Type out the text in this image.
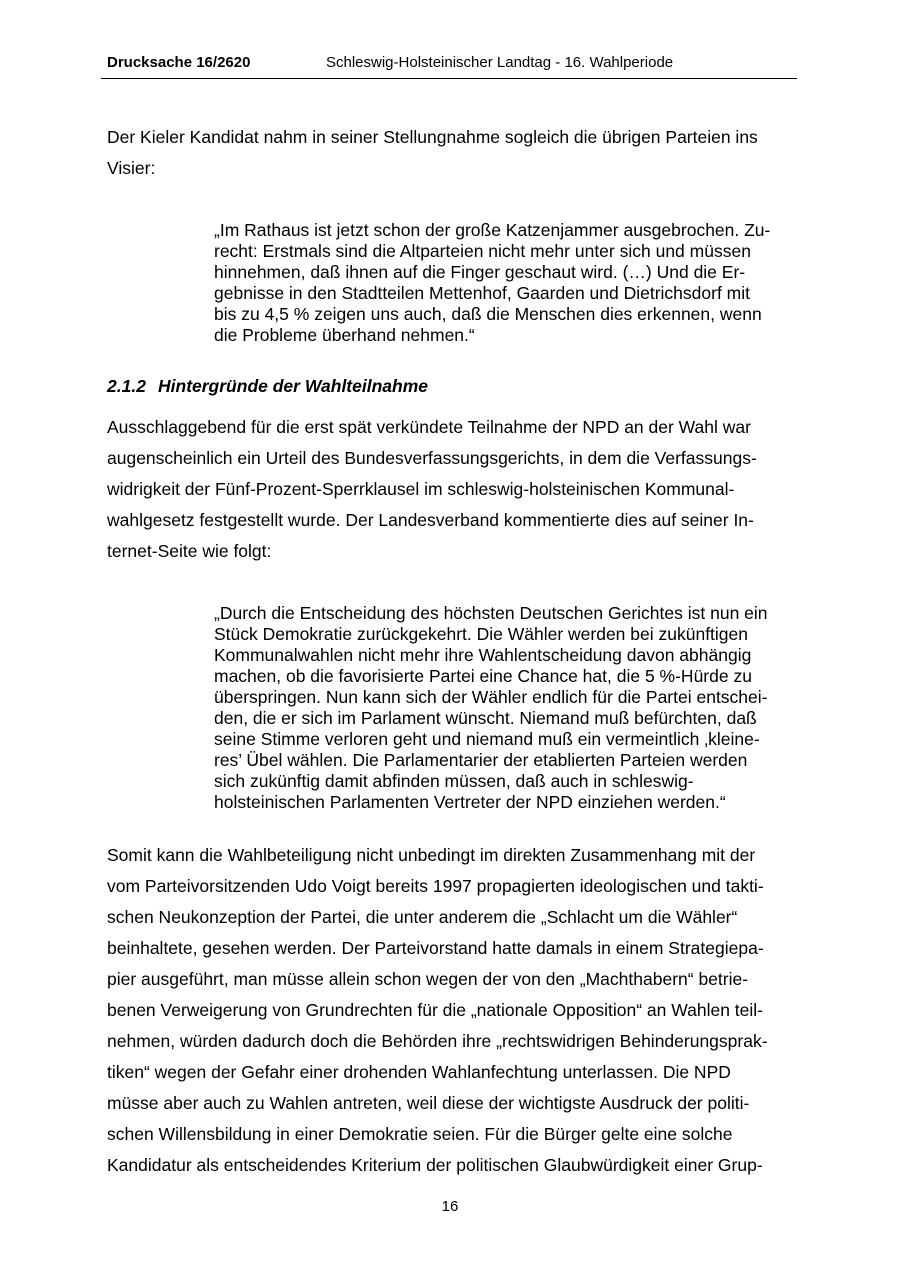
Drucksache 16/2620	Schleswig-Holsteinischer Landtag - 16. Wahlperiode
Der Kieler Kandidat nahm in seiner Stellungnahme sogleich die übrigen Parteien ins
Visier:
„Im Rathaus ist jetzt schon der große Katzenjammer ausgebrochen. Zu-
recht: Erstmals sind die Altparteien nicht mehr unter sich und müssen
hinnehmen, daß ihnen auf die Finger geschaut wird. (…) Und die Er-
gebnisse in den Stadtteilen Mettenhof, Gaarden und Dietrichsdorf mit
bis zu 4,5 % zeigen uns auch, daß die Menschen dies erkennen, wenn
die Probleme überhand nehmen.“
2.1.2 Hintergründe der Wahlteilnahme
Ausschlaggebend für die erst spät verkündete Teilnahme der NPD an der Wahl war
augenscheinlich ein Urteil des Bundesverfassungsgerichts, in dem die Verfassungs-
widrigkeit der Fünf-Prozent-Sperrklausel im schleswig-holsteinischen Kommunal-
wahlgesetz festgestellt wurde. Der Landesverband kommentierte dies auf seiner In-
ternet-Seite wie folgt:
„Durch die Entscheidung des höchsten Deutschen Gerichtes ist nun ein
Stück Demokratie zurückgekehrt. Die Wähler werden bei zukünftigen
Kommunalwahlen nicht mehr ihre Wahlentscheidung davon abhängig
machen, ob die favorisierte Partei eine Chance hat, die 5 %-Hürde zu
überspringen. Nun kann sich der Wähler endlich für die Partei entschei-
den, die er sich im Parlament wünscht. Niemand muß befürchten, daß
seine Stimme verloren geht und niemand muß ein vermeintlich ‚kleine-
res’ Übel wählen. Die Parlamentarier der etablierten Parteien werden
sich zukünftig damit abfinden müssen, daß auch in schleswig-
holsteinischen Parlamenten Vertreter der NPD einziehen werden.“
Somit kann die Wahlbeteiligung nicht unbedingt im direkten Zusammenhang mit der
vom Parteivorsitzenden Udo Voigt bereits 1997 propagierten ideologischen und takti-
schen Neukonzeption der Partei, die unter anderem die „Schlacht um die Wähler“
beinhaltete, gesehen werden. Der Parteivorstand hatte damals in einem Strategiepa-
pier ausgeführt, man müsse allein schon wegen der von den „Machthabern“ betrie-
benen Verweigerung von Grundrechten für die „nationale Opposition“ an Wahlen teil-
nehmen, würden dadurch doch die Behörden ihre „rechtswidrigen Behinderungsprak-
tiken“ wegen der Gefahr einer drohenden Wahlanfechtung unterlassen. Die NPD
müsse aber auch zu Wahlen antreten, weil diese der wichtigste Ausdruck der politi-
schen Willensbildung in einer Demokratie seien. Für die Bürger gelte eine solche
Kandidatur als entscheidendes Kriterium der politischen Glaubwürdigkeit einer Grup-
16
